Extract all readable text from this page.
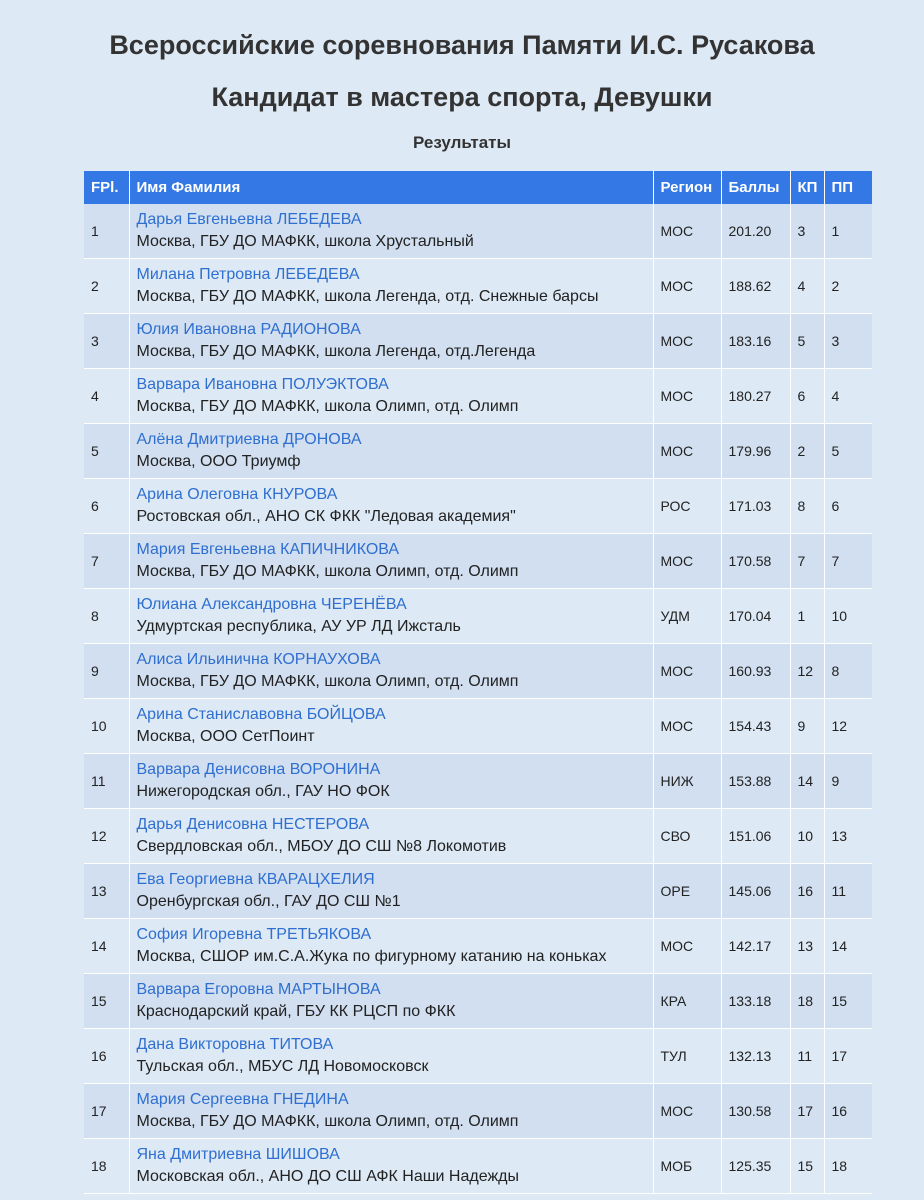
Всероссийские соревнования Памяти И.С. Русакова
Кандидат в мастера спорта, Девушки
Результаты
FPl.	Имя Фамилия	Регион	Баллы	КП	ПП
1	Дарья Евгеньевна ЛЕБЕДЕВА
Москва, ГБУ ДО МАФКК, школа Хрустальный	МОС	201.20	3	1
2	Милана Петровна ЛЕБЕДЕВА
Москва, ГБУ ДО МАФКК, школа Легенда, отд. Снежные барсы	МОС	188.62	4	2
3	Юлия Ивановна РАДИОНОВА
Москва, ГБУ ДО МАФКК, школа Легенда, отд.Легенда	МОС	183.16	5	3
4	Варвара Ивановна ПОЛУЭКТОВА
Москва, ГБУ ДО МАФКК, школа Олимп, отд. Олимп	МОС	180.27	6	4
5	Алёна Дмитриевна ДРОНОВА
Москва, ООО Триумф	МОС	179.96	2	5
6	Арина Олеговна КНУРОВА
Ростовская обл., АНО СК ФКК "Ледовая академия"	РОС	171.03	8	6
7	Мария Евгеньевна КАПИЧНИКОВА
Москва, ГБУ ДО МАФКК, школа Олимп, отд. Олимп	МОС	170.58	7	7
8	Юлиана Александровна ЧЕРЕНЁВА
Удмуртская республика, АУ УР ЛД Ижсталь	УДМ	170.04	1	10
9	Алиса Ильинична КОРНАУХОВА
Москва, ГБУ ДО МАФКК, школа Олимп, отд. Олимп	МОС	160.93	12	8
10	Арина Станиславовна БОЙЦОВА
Москва, ООО СетПоинт	МОС	154.43	9	12
11	Варвара Денисовна ВОРОНИНА
Нижегородская обл., ГАУ НО ФОК	НИЖ	153.88	14	9
12	Дарья Денисовна НЕСТЕРОВА
Свердловская обл., МБОУ ДО СШ №8 Локомотив	СВО	151.06	10	13
13	Ева Георгиевна КВАРАЦХЕЛИЯ
Оренбургская обл., ГАУ ДО СШ №1	ОРЕ	145.06	16	11
14	София Игоревна ТРЕТЬЯКОВА
Москва, СШОР им.С.А.Жука по фигурному катанию на коньках	МОС	142.17	13	14
15	Варвара Егоровна МАРТЫНОВА
Краснодарский край, ГБУ КК РЦСП по ФКК	КРА	133.18	18	15
16	Дана Викторовна ТИТОВА
Тульская обл., МБУС ЛД Новомосковск	ТУЛ	132.13	11	17
17	Мария Сергеевна ГНЕДИНА
Москва, ГБУ ДО МАФКК, школа Олимп, отд. Олимп	МОС	130.58	17	16
18	Яна Дмитриевна ШИШОВА
Московская обл., АНО ДО СШ АФК Наши Надежды	МОБ	125.35	15	18
